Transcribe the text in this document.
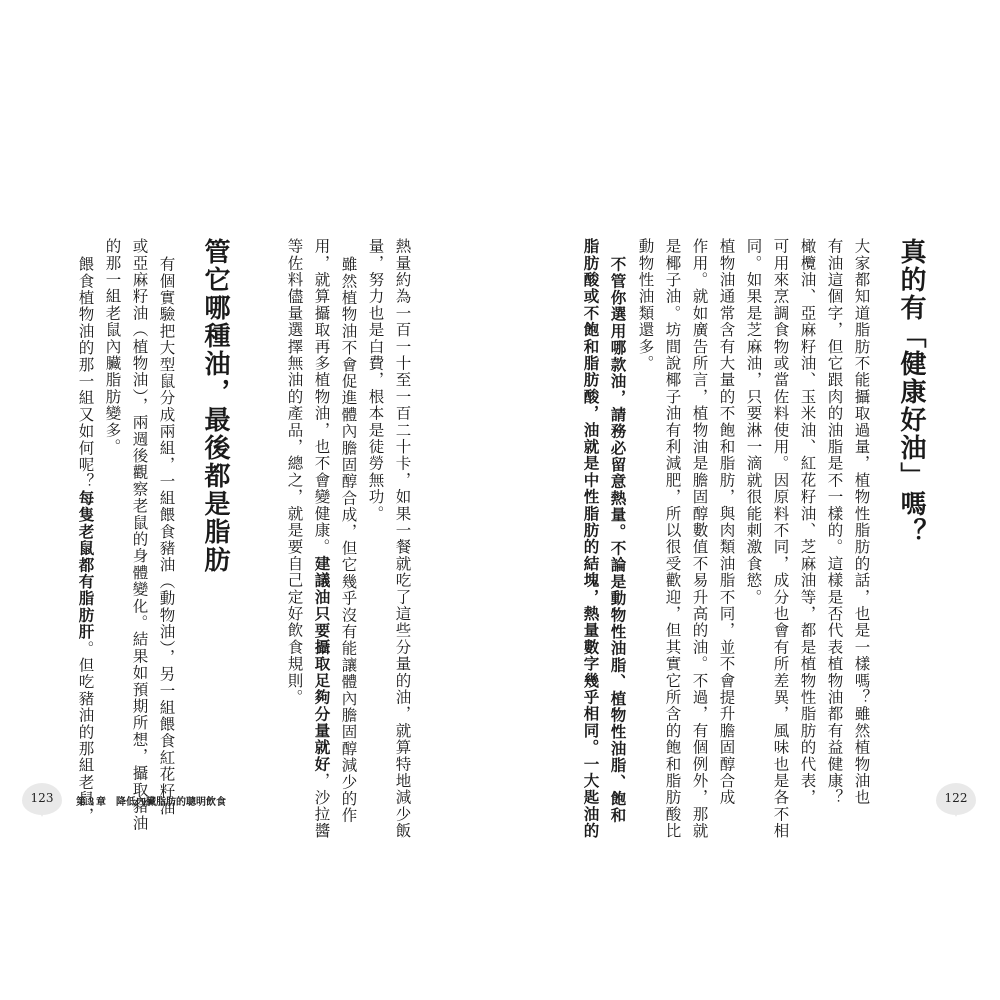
真的有「健康好油」嗎？
大家都知道脂肪不能攝取過量，植物性脂肪的話，也是一樣嗎？雖然植物油也
有油這個字，但它跟肉的油脂是不一樣的。這樣是否代表植物油都有益健康？
橄欖油、亞麻籽油、玉米油、紅花籽油、芝麻油等，都是植物性脂肪的代表，
可用來烹調食物或當佐料使用。因原料不同，成分也會有所差異，風味也是各不相
同。如果是芝麻油，只要淋一滴就很能刺激食慾。
植物油通常含有大量的不飽和脂肪，與肉類油脂不同，並不會提升膽固醇合成
作用。就如廣告所言，植物油是膽固醇數值不易升高的油。不過，有個例外，那就
是椰子油。坊間說椰子油有利減肥，所以很受歡迎，但其實它所含的飽和脂肪酸比
動物性油類還多。
不管你選用哪款油，請務必留意熱量。不論是動物性油脂、植物性油脂、飽和
脂肪酸或不飽和脂肪酸，油就是中性脂肪的結塊，熱量數字幾乎相同。一大匙油的
熱量約為一百一十至一百二十卡，如果一餐就吃了這些分量的油，就算特地減少飯
量，努力也是白費，根本是徒勞無功。
雖然植物油不會促進體內膽固醇合成，但它幾乎沒有能讓體內膽固醇減少的作
用，就算攝取再多植物油，也不會變健康。建議油只要攝取足夠分量就好，沙拉醬
等佐料儘量選擇無油的產品，總之，就是要自己定好飲食規則。
管它哪種油，最後都是脂肪
有個實驗把大型鼠分成兩組，一組餵食豬油（動物油），另一組餵食紅花籽油
或亞麻籽油（植物油），兩週後觀察老鼠的身體變化。結果如預期所想，攝取豬油
的那一組老鼠內臟脂肪變多。
餵食植物油的那一組又如何呢？每隻老鼠都有脂肪肝。但吃豬油的那組老鼠，
123	第３章　降低內臟脂肪的聰明飲食	122
